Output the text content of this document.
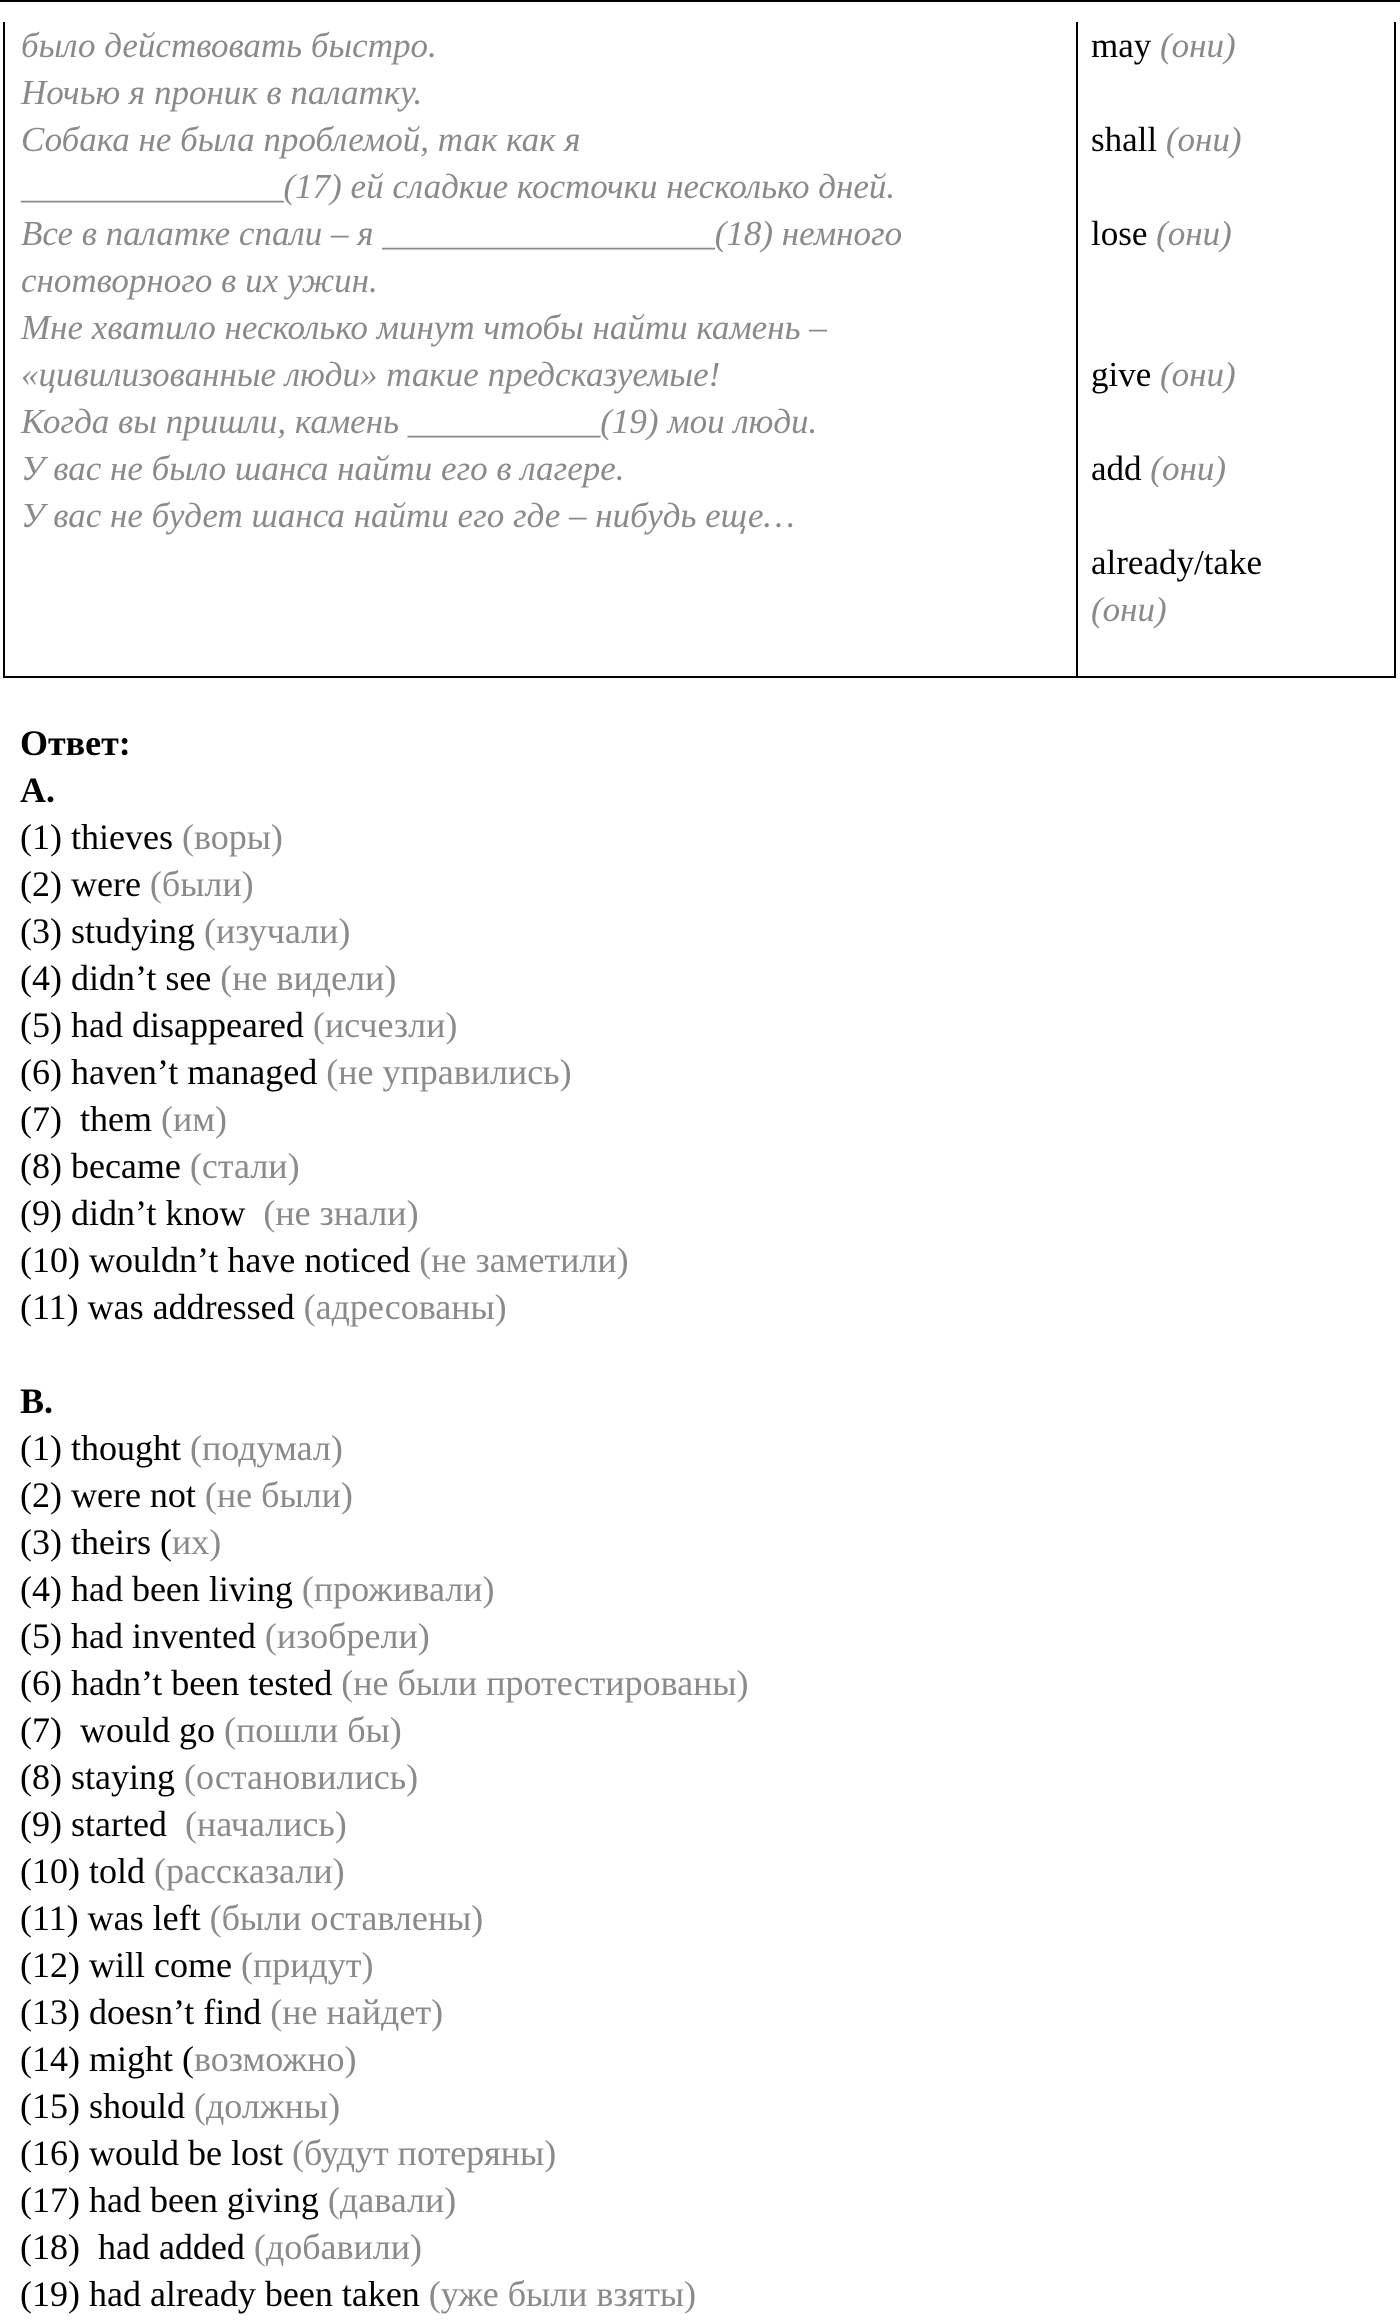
было действовать быстро.
Ночью я проник в палатку.
Собака не была проблемой, так как я
_______________(17) ей сладкие косточки несколько дней.
Все в палатке спали – я ___________________(18) немного
снотворного в их ужин.
Мне хватило несколько минут чтобы найти камень –
«цивилизованные люди» такие предсказуемые!
Когда вы пришли, камень ___________(19) мои люди.
У вас не было шанса найти его в лагере.
У вас не будет шанса найти его где – нибудь еще…
may (они)
shall (они)
lose (они)
give (они)
add (они)
already/take
(они)
Ответ:
A.
(1) thieves (воры)
(2) were (были)
(3) studying (изучали)
(4) didn’t see (не видели)
(5) had disappeared (исчезли)
(6) haven’t managed (не управились)
(7)  them (им)
(8) became (стали)
(9) didn’t know  (не знали)
(10) wouldn’t have noticed (не заметили)
(11) was addressed (адресованы)
B.
(1) thought (подумал)
(2) were not (не были)
(3) theirs (их)
(4) had been living (проживали)
(5) had invented (изобрели)
(6) hadn’t been tested (не были протестированы)
(7)  would go (пошли бы)
(8) staying (остановились)
(9) started  (начались)
(10) told (рассказали)
(11) was left (были оставлены)
(12) will come (придут)
(13) doesn’t find (не найдет)
(14) might (возможно)
(15) should (должны)
(16) would be lost (будут потеряны)
(17) had been giving (давали)
(18)  had added (добавили)
(19) had already been taken (уже были взяты)
